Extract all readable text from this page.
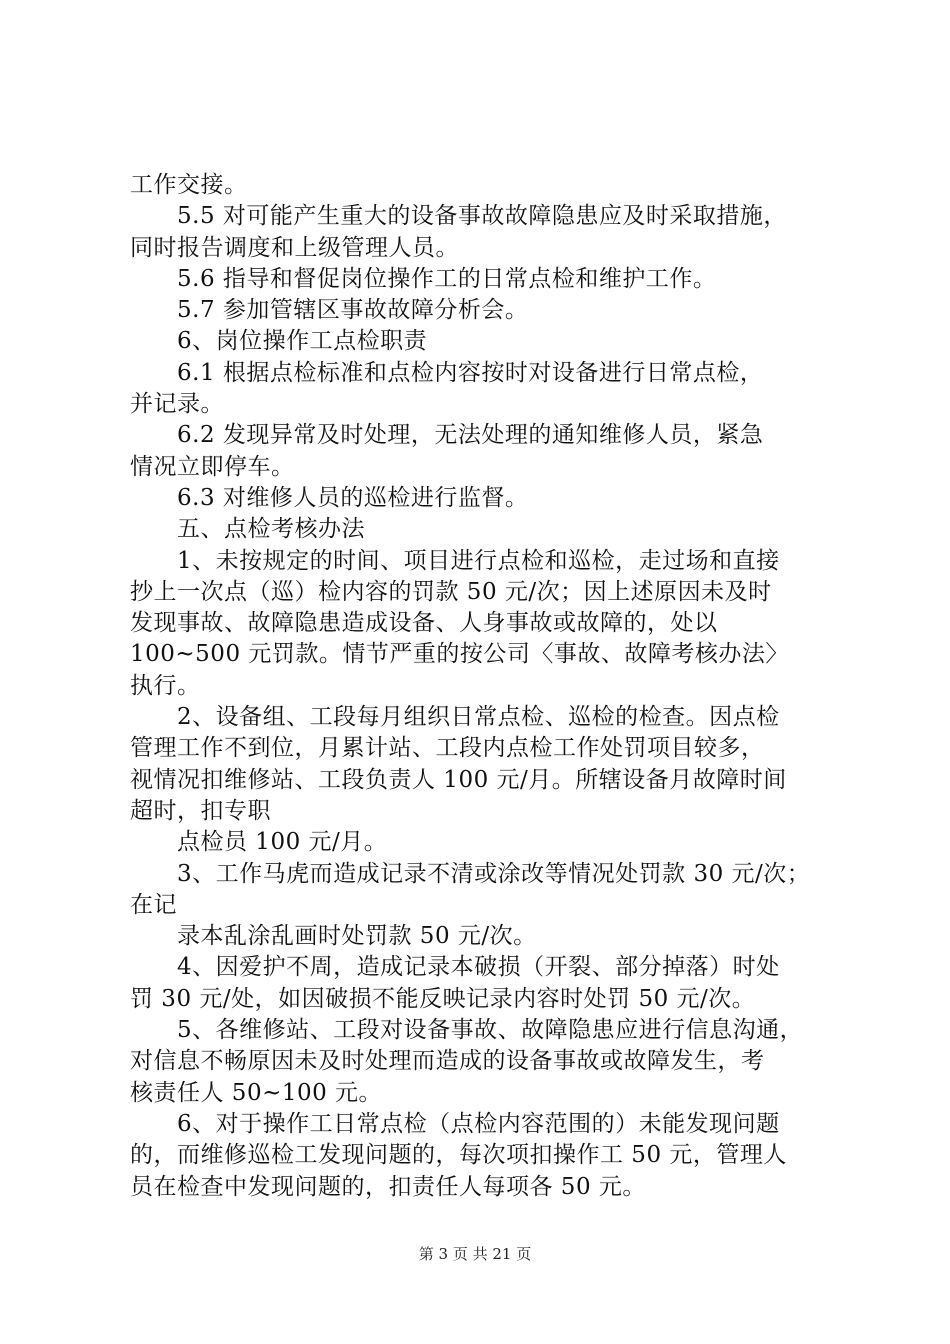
工作交接。
5.5 对可能产生重大的设备事故故障隐患应及时采取措施，
同时报告调度和上级管理人员。
5.6 指导和督促岗位操作工的日常点检和维护工作。
5.7 参加管辖区事故故障分析会。
6、岗位操作工点检职责
6.1 根据点检标准和点检内容按时对设备进行日常点检，
并记录。
6.2 发现异常及时处理，无法处理的通知维修人员，紧急
情况立即停车。
6.3 对维修人员的巡检进行监督。
五、点检考核办法
1、未按规定的时间、项目进行点检和巡检，走过场和直接
抄上一次点（巡）检内容的罚款 50 元/次；因上述原因未及时
发现事故、故障隐患造成设备、人身事故或故障的，处以
100~500 元罚款。情节严重的按公司〈事故、故障考核办法〉
执行。
2、设备组、工段每月组织日常点检、巡检的检查。因点检
管理工作不到位，月累计站、工段内点检工作处罚项目较多，
视情况扣维修站、工段负责人 100 元/月。所辖设备月故障时间
超时，扣专职
点检员 100 元/月。
3、工作马虎而造成记录不清或涂改等情况处罚款 30 元/次；
在记
录本乱涂乱画时处罚款 50 元/次。
4、因爱护不周，造成记录本破损（开裂、部分掉落）时处
罚 30 元/处，如因破损不能反映记录内容时处罚 50 元/次。
5、各维修站、工段对设备事故、故障隐患应进行信息沟通，
对信息不畅原因未及时处理而造成的设备事故或故障发生，考
核责任人 50~100 元。
6、对于操作工日常点检（点检内容范围的）未能发现问题
的，而维修巡检工发现问题的，每次项扣操作工 50 元，管理人
员在检查中发现问题的，扣责任人每项各 50 元。
第 3 页 共 21 页
